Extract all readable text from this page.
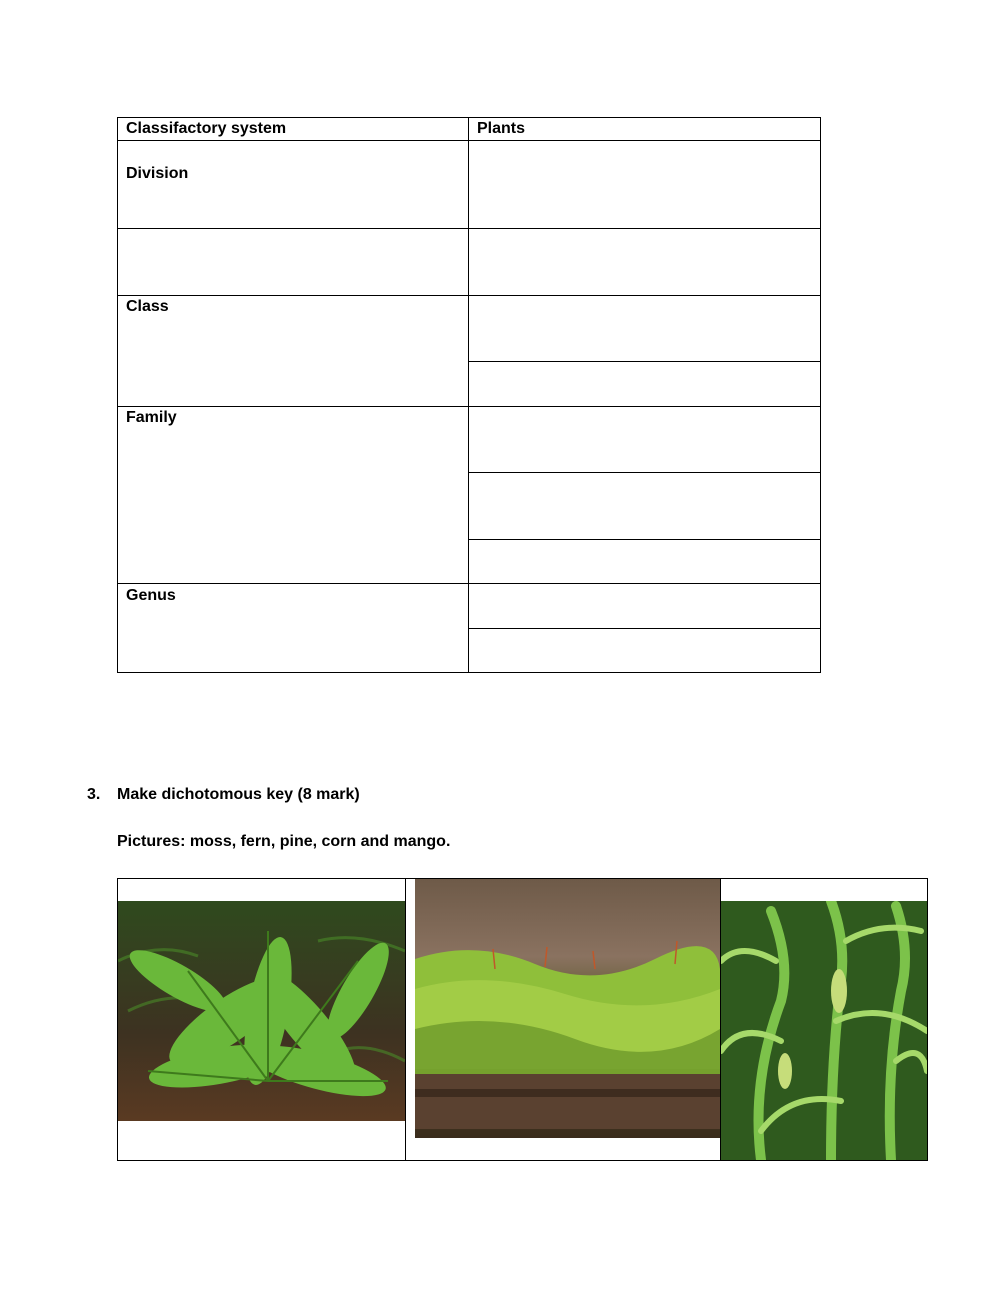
Classifactory system	Plants
Division
Class
Family
Genus
3. Make dichotomous key (8 mark)
Pictures: moss, fern, pine, corn and mango.
